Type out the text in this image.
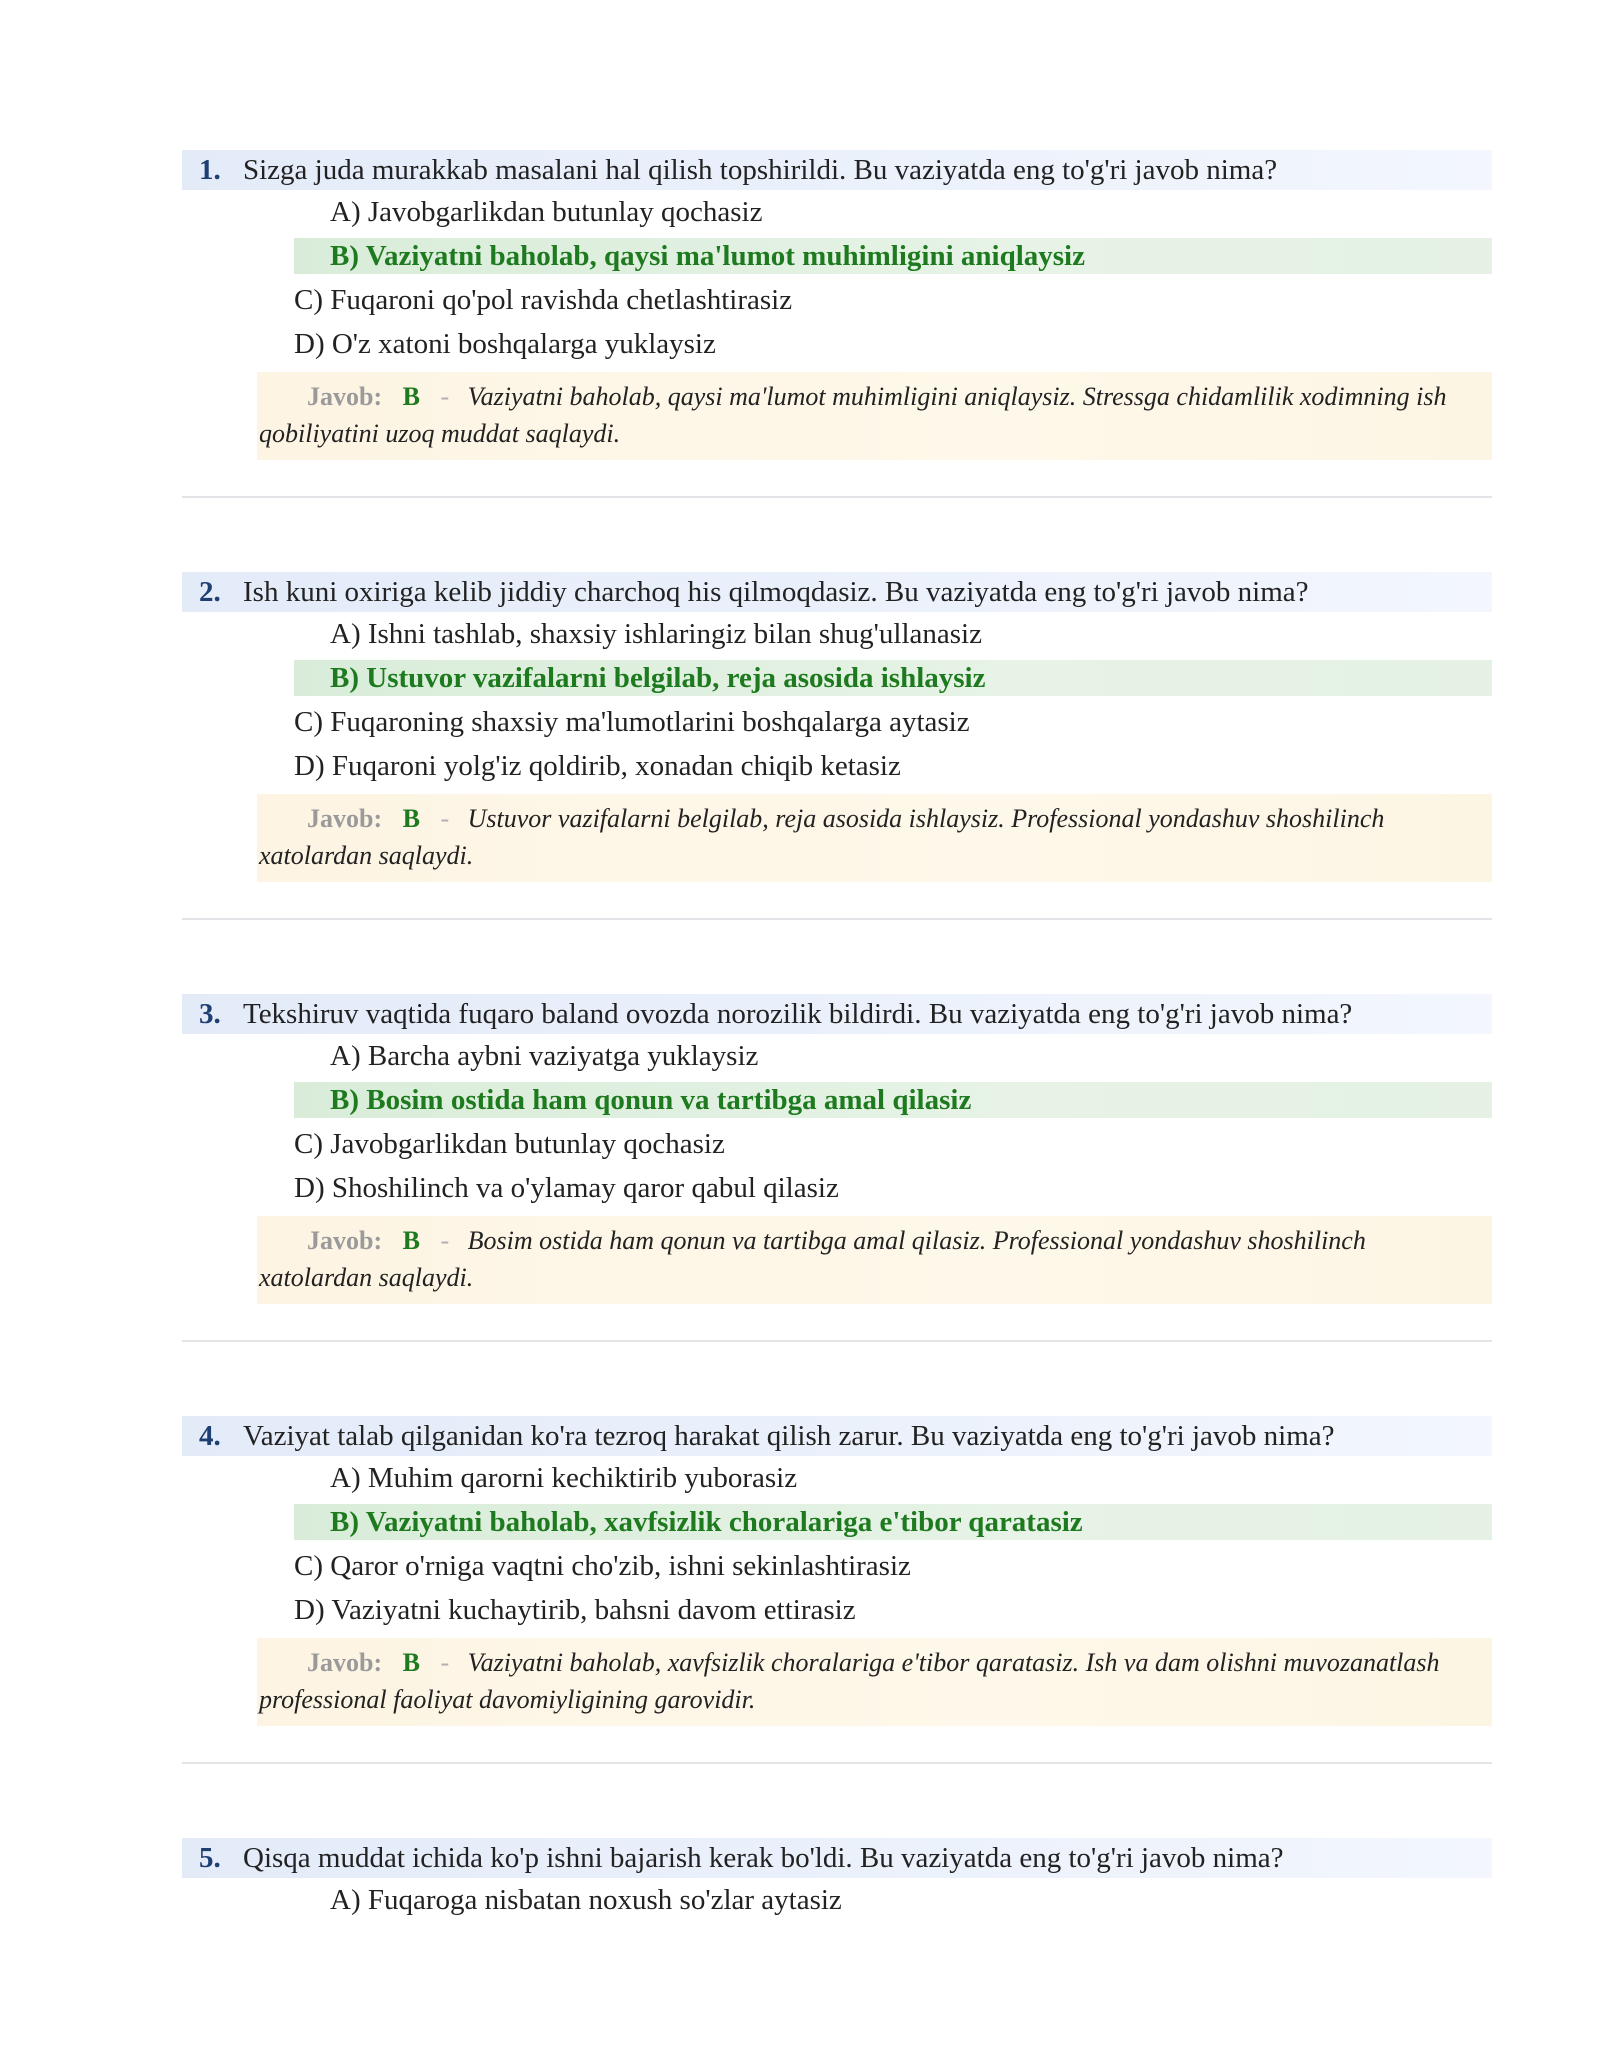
1. Sizga juda murakkab masalani hal qilish topshirildi. Bu vaziyatda eng to'g'ri javob nima?
A) Javobgarlikdan butunlay qochasiz
B) Vaziyatni baholab, qaysi ma'lumot muhimligini aniqlaysiz
C) Fuqaroni qo'pol ravishda chetlashtirasiz
D) O'z xatoni boshqalarga yuklaysiz
Javob: B - Vaziyatni baholab, qaysi ma'lumot muhimligini aniqlaysiz. Stressga chidamlilik xodimning ish qobiliyatini uzoq muddat saqlaydi.
2. Ish kuni oxiriga kelib jiddiy charchoq his qilmoqdasiz. Bu vaziyatda eng to'g'ri javob nima?
A) Ishni tashlab, shaxsiy ishlaringiz bilan shug'ullanasiz
B) Ustuvor vazifalarni belgilab, reja asosida ishlaysiz
C) Fuqaroning shaxsiy ma'lumotlarini boshqalarga aytasiz
D) Fuqaroni yolg'iz qoldirib, xonadan chiqib ketasiz
Javob: B - Ustuvor vazifalarni belgilab, reja asosida ishlaysiz. Professional yondashuv shoshilinch xatolardan saqlaydi.
3. Tekshiruv vaqtida fuqaro baland ovozda norozilik bildirdi. Bu vaziyatda eng to'g'ri javob nima?
A) Barcha aybni vaziyatga yuklaysiz
B) Bosim ostida ham qonun va tartibga amal qilasiz
C) Javobgarlikdan butunlay qochasiz
D) Shoshilinch va o'ylamay qaror qabul qilasiz
Javob: B - Bosim ostida ham qonun va tartibga amal qilasiz. Professional yondashuv shoshilinch xatolardan saqlaydi.
4. Vaziyat talab qilganidan ko'ra tezroq harakat qilish zarur. Bu vaziyatda eng to'g'ri javob nima?
A) Muhim qarorni kechiktirib yuborasiz
B) Vaziyatni baholab, xavfsizlik choralariga e'tibor qaratasiz
C) Qaror o'rniga vaqtni cho'zib, ishni sekinlashtirasiz
D) Vaziyatni kuchaytirib, bahsni davom ettirasiz
Javob: B - Vaziyatni baholab, xavfsizlik choralariga e'tibor qaratasiz. Ish va dam olishni muvozanatlash professional faoliyat davomiyligining garovidir.
5. Qisqa muddat ichida ko'p ishni bajarish kerak bo'ldi. Bu vaziyatda eng to'g'ri javob nima?
A) Fuqaroga nisbatan noxush so'zlar aytasiz
